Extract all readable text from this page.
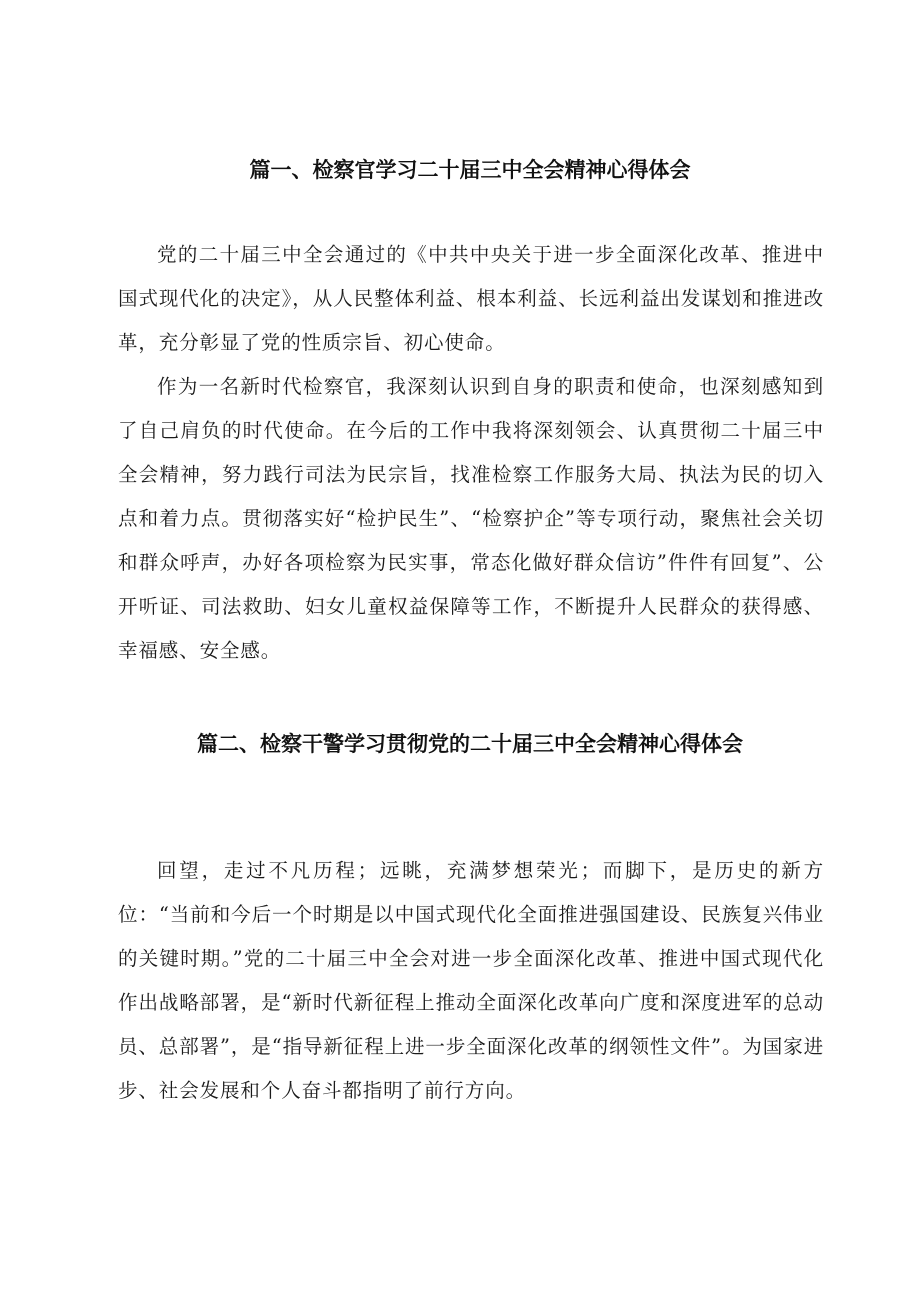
篇一、检察官学习二十届三中全会精神心得体会

党的二十届三中全会通过的《中共中央关于进一步全面深化改革、推进中国式现代化的决定》，从人民整体利益、根本利益、长远利益出发谋划和推进改革，充分彰显了党的性质宗旨、初心使命。

作为一名新时代检察官，我深刻认识到自身的职责和使命，也深刻感知到了自己肩负的时代使命。在今后的工作中我将深刻领会、认真贯彻二十届三中全会精神，努力践行司法为民宗旨，找准检察工作服务大局、执法为民的切入点和着力点。贯彻落实好“检护民生”、“检察护企”等专项行动，聚焦社会关切和群众呼声，办好各项检察为民实事，常态化做好群众信访”件件有回复”、公开听证、司法救助、妇女儿童权益保障等工作，不断提升人民群众的获得感、幸福感、安全感。

篇二、检察干警学习贯彻党的二十届三中全会精神心得体会

回望，走过不凡历程；远眺，充满梦想荣光；而脚下，是历史的新方位：“当前和今后一个时期是以中国式现代化全面推进强国建设、民族复兴伟业的关键时期。”党的二十届三中全会对进一步全面深化改革、推进中国式现代化作出战略部署，是“新时代新征程上推动全面深化改革向广度和深度进军的总动员、总部署”，是“指导新征程上进一步全面深化改革的纲领性文件”。为国家进步、社会发展和个人奋斗都指明了前行方向。
